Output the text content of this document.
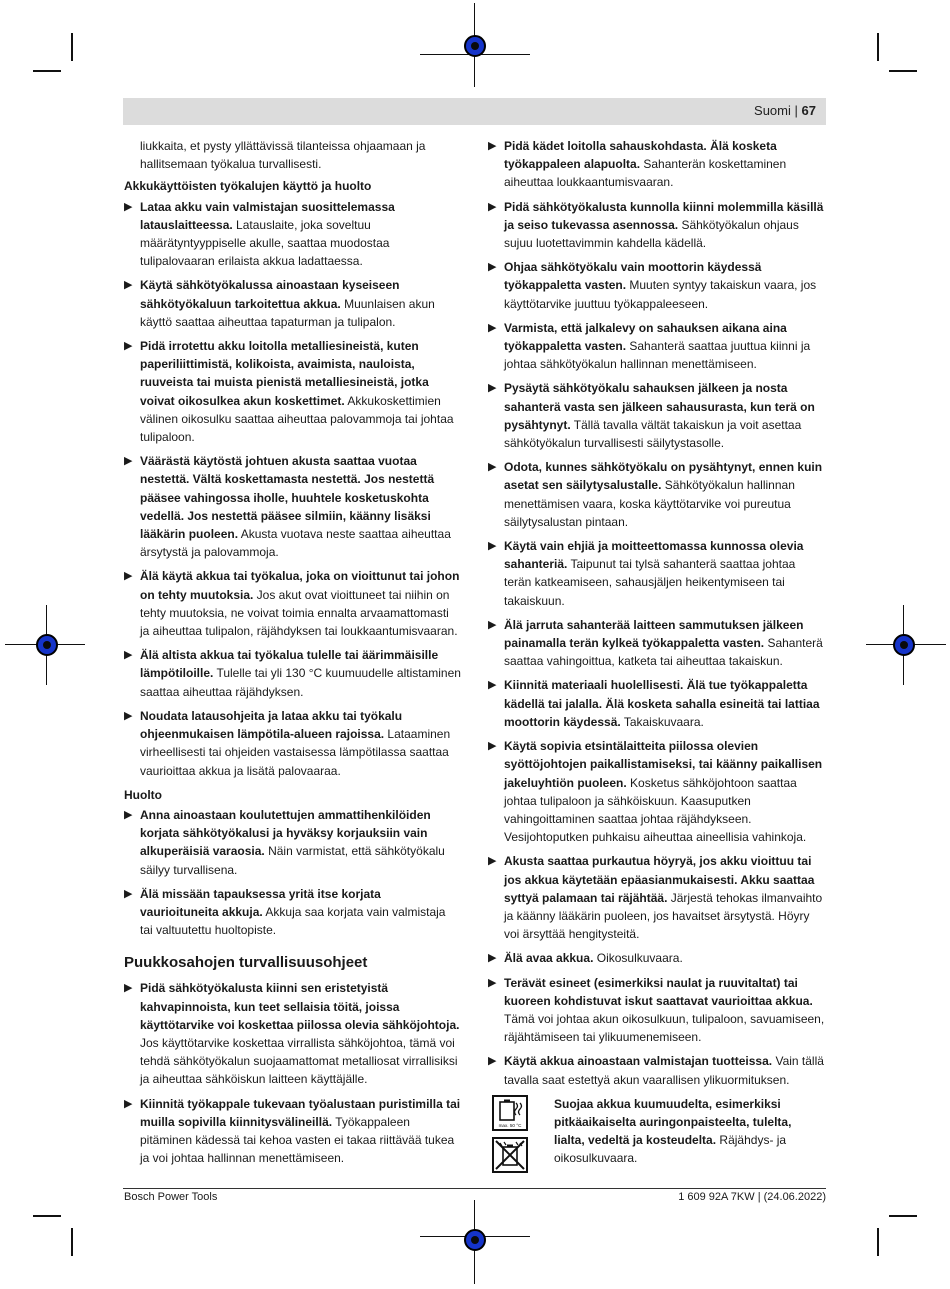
Suomi | 67
liukkaita, et pysty yllättävissä tilanteissa ohjaamaan ja hallitsemaan työkalua turvallisesti.
Akkukäyttöisten työkalujen käyttö ja huolto
▶ Lataa akku vain valmistajan suosittelemassa latauslaitteessa. Latauslaite, joka soveltuu määrätyntyyppiselle akulle, saattaa muodostaa tulipalovaaran erilaista akkua ladattaessa.
▶ Käytä sähkötyökalussa ainoastaan kyseiseen sähkötyökaluun tarkoitettua akkua. Muunlaisen akun käyttö saattaa aiheuttaa tapaturman ja tulipalon.
▶ Pidä irrotettu akku loitolla metalliesineistä, kuten paperiliittimistä, kolikoista, avaimista, nauloista, ruuveista tai muista pienistä metalliesineistä, jotka voivat oikosulkea akun koskettimet. Akkukoskettimien välinen oikosulku saattaa aiheuttaa palovammoja tai johtaa tulipaloon.
▶ Väärästä käytöstä johtuen akusta saattaa vuotaa nestettä. Vältä koskettamasta nestettä. Jos nestettä pääsee vahingossa iholle, huuhtele kosketuskohta vedellä. Jos nestettä pääsee silmiin, käänny lisäksi lääkärin puoleen. Akusta vuotava neste saattaa aiheuttaa ärsytystä ja palovammoja.
▶ Älä käytä akkua tai työkalua, joka on vioittunut tai johon on tehty muutoksia. Jos akut ovat vioittuneet tai niihin on tehty muutoksia, ne voivat toimia ennalta arvaamattomasti ja aiheuttaa tulipalon, räjähdyksen tai loukkaantumisvaaran.
▶ Älä altista akkua tai työkalua tulelle tai äärimmäisille lämpötiloille. Tulelle tai yli 130 °C kuumuudelle altistaminen saattaa aiheuttaa räjähdyksen.
▶ Noudata latausohjeita ja lataa akku tai työkalu ohjeenmukaisen lämpötila-alueen rajoissa. Lataaminen virheellisesti tai ohjeiden vastaisessa lämpötilassa saattaa vaurioittaa akkua ja lisätä palovaaraa.
Huolto
▶ Anna ainoastaan koulutettujen ammattihenkilöiden korjata sähkötyökalusi ja hyväksy korjauksiin vain alkuperäisiä varaosia. Näin varmistat, että sähkötyökalu säilyy turvallisena.
▶ Älä missään tapauksessa yritä itse korjata vaurioituneita akkuja. Akkuja saa korjata vain valmistaja tai valtuutettu huoltopiste.
Puukkosahojen turvallisuusohjeet
▶ Pidä sähkötyökalusta kiinni sen eristetyistä kahvapinnoista, kun teet sellaisia töitä, joissa käyttötarvike voi koskettaa piilossa olevia sähköjohtoja. Jos käyttötarvike koskettaa virrallista sähköjohtoa, tämä voi tehdä sähkötyökalun suojaamattomat metalliosat virrallisiksi ja aiheuttaa sähköiskun laitteen käyttäjälle.
▶ Kiinnitä työkappale tukevaan työalustaan puristimilla tai muilla sopivilla kiinnitysvälineillä. Työkappaleen pitäminen kädessä tai kehoa vasten ei takaa riittävää tukea ja voi johtaa hallinnan menettämiseen.
▶ Pidä kädet loitolla sahauskohdasta. Älä kosketa työkappaleen alapuolta. Sahanterän koskettaminen aiheuttaa loukkaantumisvaaran.
▶ Pidä sähkötyökalusta kunnolla kiinni molemmilla käsillä ja seiso tukevassa asennossa. Sähkötyökalun ohjaus sujuu luotettavimmin kahdella kädellä.
▶ Ohjaa sähkötyökalu vain moottorin käydessä työkappaletta vasten. Muuten syntyy takaiskun vaara, jos käyttötarvike juuttuu työkappaleeseen.
▶ Varmista, että jalkalevy on sahauksen aikana aina työkappaletta vasten. Sahanterä saattaa juuttua kiinni ja johtaa sähkötyökalun hallinnan menettämiseen.
▶ Pysäytä sähkötyökalu sahauksen jälkeen ja nosta sahanterä vasta sen jälkeen sahausurasta, kun terä on pysähtynyt. Tällä tavalla vältät takaiskun ja voit asettaa sähkötyökalun turvallisesti säilytystasolle.
▶ Odota, kunnes sähkötyökalu on pysähtynyt, ennen kuin asetat sen säilytysalustalle. Sähkötyökalun hallinnan menettämisen vaara, koska käyttötarvike voi pureutua säilytysalustan pintaan.
▶ Käytä vain ehjiä ja moitteettomassa kunnossa olevia sahanteriä. Taipunut tai tylsä sahanterä saattaa johtaa terän katkeamiseen, sahausjäljen heikentymiseen tai takaiskuun.
▶ Älä jarruta sahanterää laitteen sammutuksen jälkeen painamalla terän kylkeä työkappaletta vasten. Sahanterä saattaa vahingoittua, katketa tai aiheuttaa takaiskun.
▶ Kiinnitä materiaali huolellisesti. Älä tue työkappaletta kädellä tai jalalla. Älä kosketa sahalla esineitä tai lattiaa moottorin käydessä. Takaiskuvaara.
▶ Käytä sopivia etsintälaitteita piilossa olevien syöttöjohtojen paikallistamiseksi, tai käänny paikallisen jakeluyhtiön puoleen. Kosketus sähköjohtoon saattaa johtaa tulipaloon ja sähköiskuun. Kaasuputken vahingoittaminen saattaa johtaa räjähdykseen. Vesijohtoputken puhkaisu aiheuttaa aineellisia vahinkoja.
▶ Akusta saattaa purkautua höyryä, jos akku vioittuu tai jos akkua käytetään epäasianmukaisesti. Akku saattaa syttyä palamaan tai räjähtää. Järjestä tehokas ilmanvaihto ja käänny lääkärin puoleen, jos havaitset ärsytystä. Höyry voi ärsyttää hengitysteitä.
▶ Älä avaa akkua. Oikosulkuvaara.
▶ Terävät esineet (esimerkiksi naulat ja ruuvitaltat) tai kuoreen kohdistuvat iskut saattavat vaurioittaa akkua. Tämä voi johtaa akun oikosulkuun, tulipaloon, savuamiseen, räjähtämiseen tai ylikuumenemiseen.
▶ Käytä akkua ainoastaan valmistajan tuotteissa. Vain tällä tavalla saat estettyä akun vaarallisen ylikuormituksen.
max. 50 °C
Suojaa akkua kuumuudelta, esimerkiksi pitkäaikaiselta auringonpaisteelta, tulelta, lialta, vedeltä ja kosteudelta. Räjähdys- ja oikosulkuvaara.
Bosch Power Tools	1 609 92A 7KW | (24.06.2022)
